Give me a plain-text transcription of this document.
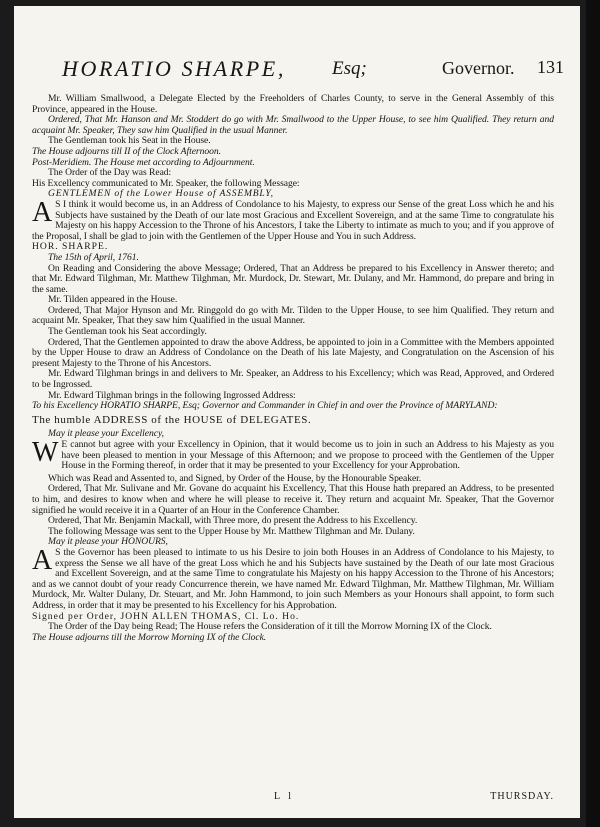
HORATIO SHARPE, Esq;	Governor. 131

Mr. William Smallwood, a Delegate Elected by the Freeholders of Charles County, to serve in the General Assembly of this Province, appeared in the House.

Ordered, That Mr. Hanson and Mr. Stoddert do go with Mr. Smallwood to the Upper House, to see him Qualified. They return and acquaint Mr. Speaker, They saw him Qualified in the usual Manner.

The Gentleman took his Seat in the House.

The House adjourns till II of the Clock Afternoon.

Post-Meridiem. The House met according to Adjournment.

The Order of the Day was Read:

His Excellency communicated to Mr. Speaker, the following Message:

GENTLEMEN of the Lower House of ASSEMBLY,

A S I think it would become us, in an Address of Condolance to his Majesty, to express our Sense of the great Loss which he and his Subjects have sustained by the Death of our late most Gracious and Excellent Sovereign, and at the same Time to congratulate his Majesty on his happy Accession to the Throne of his Ancestors, I take the Liberty to intimate as much to you; and if you approve of the Proposal, I shall be glad to join with the Gentlemen of the Upper House and You in such Address.

HOR. SHARPE.

The 15th of April, 1761.

On Reading and Considering the above Message; Ordered, That an Address be prepared to his Excellency in Answer thereto; and that Mr. Edward Tilghman, Mr. Matthew Tilghman, Mr. Murdock, Dr. Stewart, Mr. Dulany, and Mr. Hammond, do prepare and bring in the same.

Mr. Tilden appeared in the House.

Ordered, That Major Hynson and Mr. Ringgold do go with Mr. Tilden to the Upper House, to see him Qualified. They return and acquaint Mr. Speaker, That they saw him Qualified in the usual Manner.

The Gentleman took his Seat accordingly.

Ordered, That the Gentlemen appointed to draw the above Address, be appointed to join in a Committee with the Members appointed by the Upper House to draw an Address of Condolance on the Death of his late Majesty, and Congratulation on the Ascension of his present Majesty to the Throne of his Ancestors.

Mr. Edward Tilghman brings in and delivers to Mr. Speaker, an Address to his Excellency; which was Read, Approved, and Ordered to be Ingrossed.

Mr. Edward Tilghman brings in the following Ingrossed Address:

To his Excellency HORATIO SHARPE, Esq; Governor and Commander in Chief in and over the Province of MARYLAND:

The humble ADDRESS of the HOUSE of DELEGATES.

May it please your Excellency,

W E cannot but agree with your Excellency in Opinion, that it would become us to join in such an Address to his Majesty as you have been pleased to mention in your Message of this Afternoon; and we propose to proceed with the Gentlemen of the Upper House in the Forming thereof, in order that it may be presented to your Excellency for your Approbation.

Which was Read and Assented to, and Signed, by Order of the House, by the Honourable Speaker.

Ordered, That Mr. Sulivane and Mr. Govane do acquaint his Excellency, That this House hath prepared an Address, to be presented to him, and desires to know when and where he will please to receive it. They return and acquaint Mr. Speaker, That the Governor signified he would receive it in a Quarter of an Hour in the Conference Chamber.

Ordered, That Mr. Benjamin Mackall, with Three more, do present the Address to his Excellency.

The following Message was sent to the Upper House by Mr. Matthew Tilghman and Mr. Dulany.

May it please your HONOURS,

A S the Governor has been pleased to intimate to us his Desire to join both Houses in an Address of Condolance to his Majesty, to express the Sense we all have of the great Loss which he and his Subjects have sustained by the Death of our late most Gracious and Excellent Sovereign, and at the same Time to congratulate his Majesty on his happy Accession to the Throne of his Ancestors; and as we cannot doubt of your ready Concurrence therein, we have named Mr. Edward Tilghman, Mr. Matthew Tilghman, Mr. William Murdock, Mr. Walter Dulany, Dr. Steuart, and Mr. John Hammond, to join such Members as your Honours shall appoint, to form such Address, in order that it may be presented to his Excellency for his Approbation.

Signed per Order, JOHN ALLEN THOMAS, Cl. Lo. Ho.

The Order of the Day being Read; The House refers the Consideration of it till the Morrow Morning IX of the Clock.

The House adjourns till the Morrow Morning IX of the Clock.

L l	THURSDAY.
